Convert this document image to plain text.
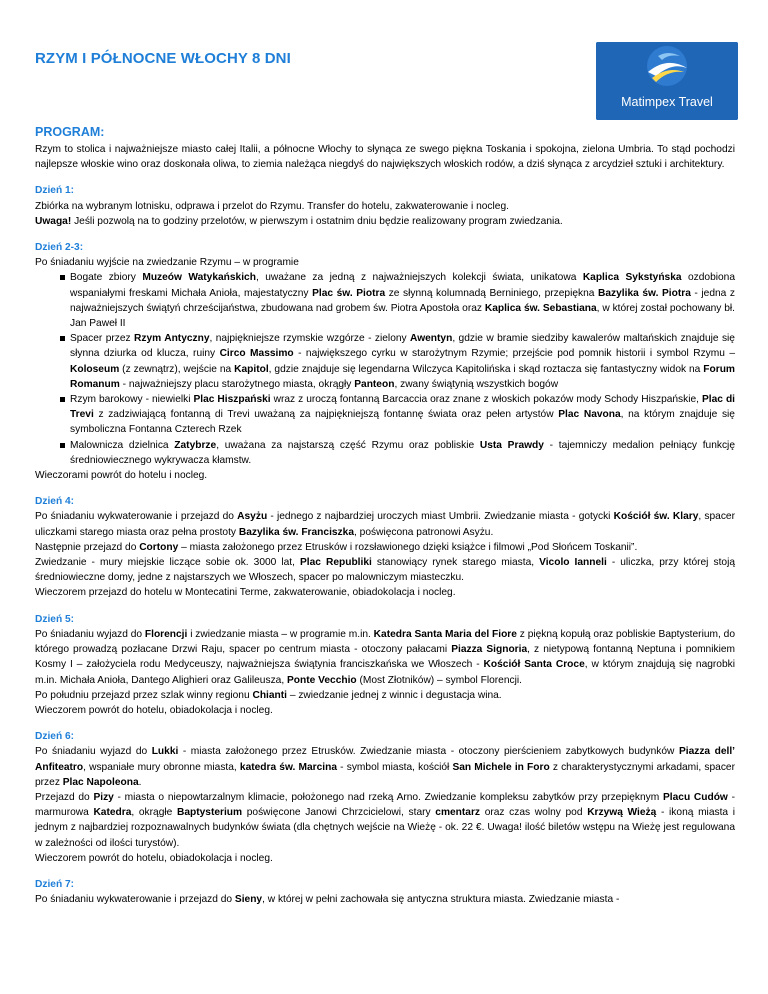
RZYM I PÓŁNOCNE WŁOCHY 8 DNI
Matimpex Travel
PROGRAM:

Rzym to stolica i najważniejsze miasto całej Italii, a północne Włochy to słynąca ze swego piękna Toskania i spokojna, zielona Umbria. To stąd pochodzi najlepsze włoskie wino oraz doskonała oliwa, to ziemia należąca niegdyś do największych włoskich rodów, a dziś słynąca z arcydzieł sztuki i architektury.

Dzień 1:

Zbiórka na wybranym lotnisku, odprawa i przelot do Rzymu. Transfer do hotelu, zakwaterowanie i nocleg.

Uwaga! Jeśli pozwolą na to godziny przelotów, w pierwszym i ostatnim dniu będzie realizowany program zwiedzania.

Dzień 2-3:

Po śniadaniu wyjście na zwiedzanie Rzymu – w programie

Bogate zbiory Muzeów Watykańskich, uważane za jedną z najważniejszych kolekcji świata, unikatowa Kaplica Sykstyńska ozdobiona wspaniałymi freskami Michała Anioła, majestatyczny Plac św. Piotra ze słynną kolumnadą Berniniego, przepiękna Bazylika św. Piotra - jedna z najważniejszych świątyń chrześcijaństwa, zbudowana nad grobem św. Piotra Apostoła oraz Kaplica św. Sebastiana, w której został pochowany bł. Jan Paweł II
Spacer przez Rzym Antyczny, najpiękniejsze rzymskie wzgórze - zielony Awentyn, gdzie w bramie siedziby kawalerów maltańskich znajduje się słynna dziurka od klucza, ruiny Circo Massimo - największego cyrku w starożytnym Rzymie; przejście pod pomnik historii i symbol Rzymu – Koloseum (z zewnątrz), wejście na Kapitol, gdzie znajduje się legendarna Wilczyca Kapitolińska i skąd roztacza się fantastyczny widok na Forum Romanum - najważniejszy placu starożytnego miasta, okrągły Panteon, zwany świątynią wszystkich bogów
Rzym barokowy - niewielki Plac Hiszpański wraz z uroczą fontanną Barcaccia oraz znane z włoskich pokazów mody Schody Hiszpańskie, Plac di Trevi z zadziwiającą fontanną di Trevi uważaną za najpiękniejszą fontannę świata oraz pełen artystów Plac Navona, na którym znajduje się symboliczna Fontanna Czterech Rzek
Malownicza dzielnica Zatybrze, uważana za najstarszą część Rzymu oraz pobliskie Usta Prawdy - tajemniczy medalion pełniący funkcję średniowiecznego wykrywacza kłamstw.

Wieczorami powrót do hotelu i nocleg.

Dzień 4:

Po śniadaniu wykwaterowanie i przejazd do Asyżu - jednego z najbardziej uroczych miast Umbrii. Zwiedzanie miasta - gotycki Kościół św. Klary, spacer uliczkami starego miasta oraz pełna prostoty Bazylika św. Franciszka, poświęcona patronowi Asyżu.

Następnie przejazd do Cortony – miasta założonego przez Etrusków i rozsławionego dzięki książce i filmowi „Pod Słońcem Toskanii”.

Zwiedzanie - mury miejskie liczące sobie ok. 3000 lat, Plac Republiki stanowiący rynek starego miasta, Vicolo Ianneli - uliczka, przy której stoją średniowieczne domy, jedne z najstarszych we Włoszech, spacer po malowniczym miasteczku.

Wieczorem przejazd do hotelu w Montecatini Terme, zakwaterowanie, obiadokolacja i nocleg.

Dzień 5:

Po śniadaniu wyjazd do Florencji i zwiedzanie miasta – w programie m.in. Katedra Santa Maria del Fiore z piękną kopułą oraz pobliskie Baptysterium, do którego prowadzą pozłacane Drzwi Raju, spacer po centrum miasta - otoczony pałacami Piazza Signoria, z nietypową fontanną Neptuna i pomnikiem Kosmy I – założyciela rodu Medyceuszy, najważniejsza świątynia franciszkańska we Włoszech - Kościół Santa Croce, w którym znajdują się nagrobki m.in. Michała Anioła, Dantego Alighieri oraz Galileusza, Ponte Vecchio (Most Złotników) – symbol Florencji.

Po południu przejazd przez szlak winny regionu Chianti – zwiedzanie jednej z winnic i degustacja wina.

Wieczorem powrót do hotelu, obiadokolacja i nocleg.

Dzień 6:

Po śniadaniu wyjazd do Lukki - miasta założonego przez Etrusków. Zwiedzanie miasta - otoczony pierścieniem zabytkowych budynków Piazza dell’ Anfiteatro, wspaniałe mury obronne miasta, katedra św. Marcina - symbol miasta, kościół San Michele in Foro z charakterystycznymi arkadami, spacer przez Plac Napoleona.

Przejazd do Pizy - miasta o niepowtarzalnym klimacie, położonego nad rzeką Arno. Zwiedzanie kompleksu zabytków przy przepięknym Placu Cudów - marmurowa Katedra, okrągłe Baptysterium poświęcone Janowi Chrzcicielowi, stary cmentarz oraz czas wolny pod Krzywą Wieżą - ikoną miasta i jednym z najbardziej rozpoznawalnych budynków świata (dla chętnych wejście na Wieżę - ok. 22 €. Uwaga! ilość biletów wstępu na Wieżę jest regulowana w zależności od ilości turystów).

Wieczorem powrót do hotelu, obiadokolacja i nocleg.

Dzień 7:

Po śniadaniu wykwaterowanie i przejazd do Sieny, w której w pełni zachowała się antyczna struktura miasta. Zwiedzanie miasta -
